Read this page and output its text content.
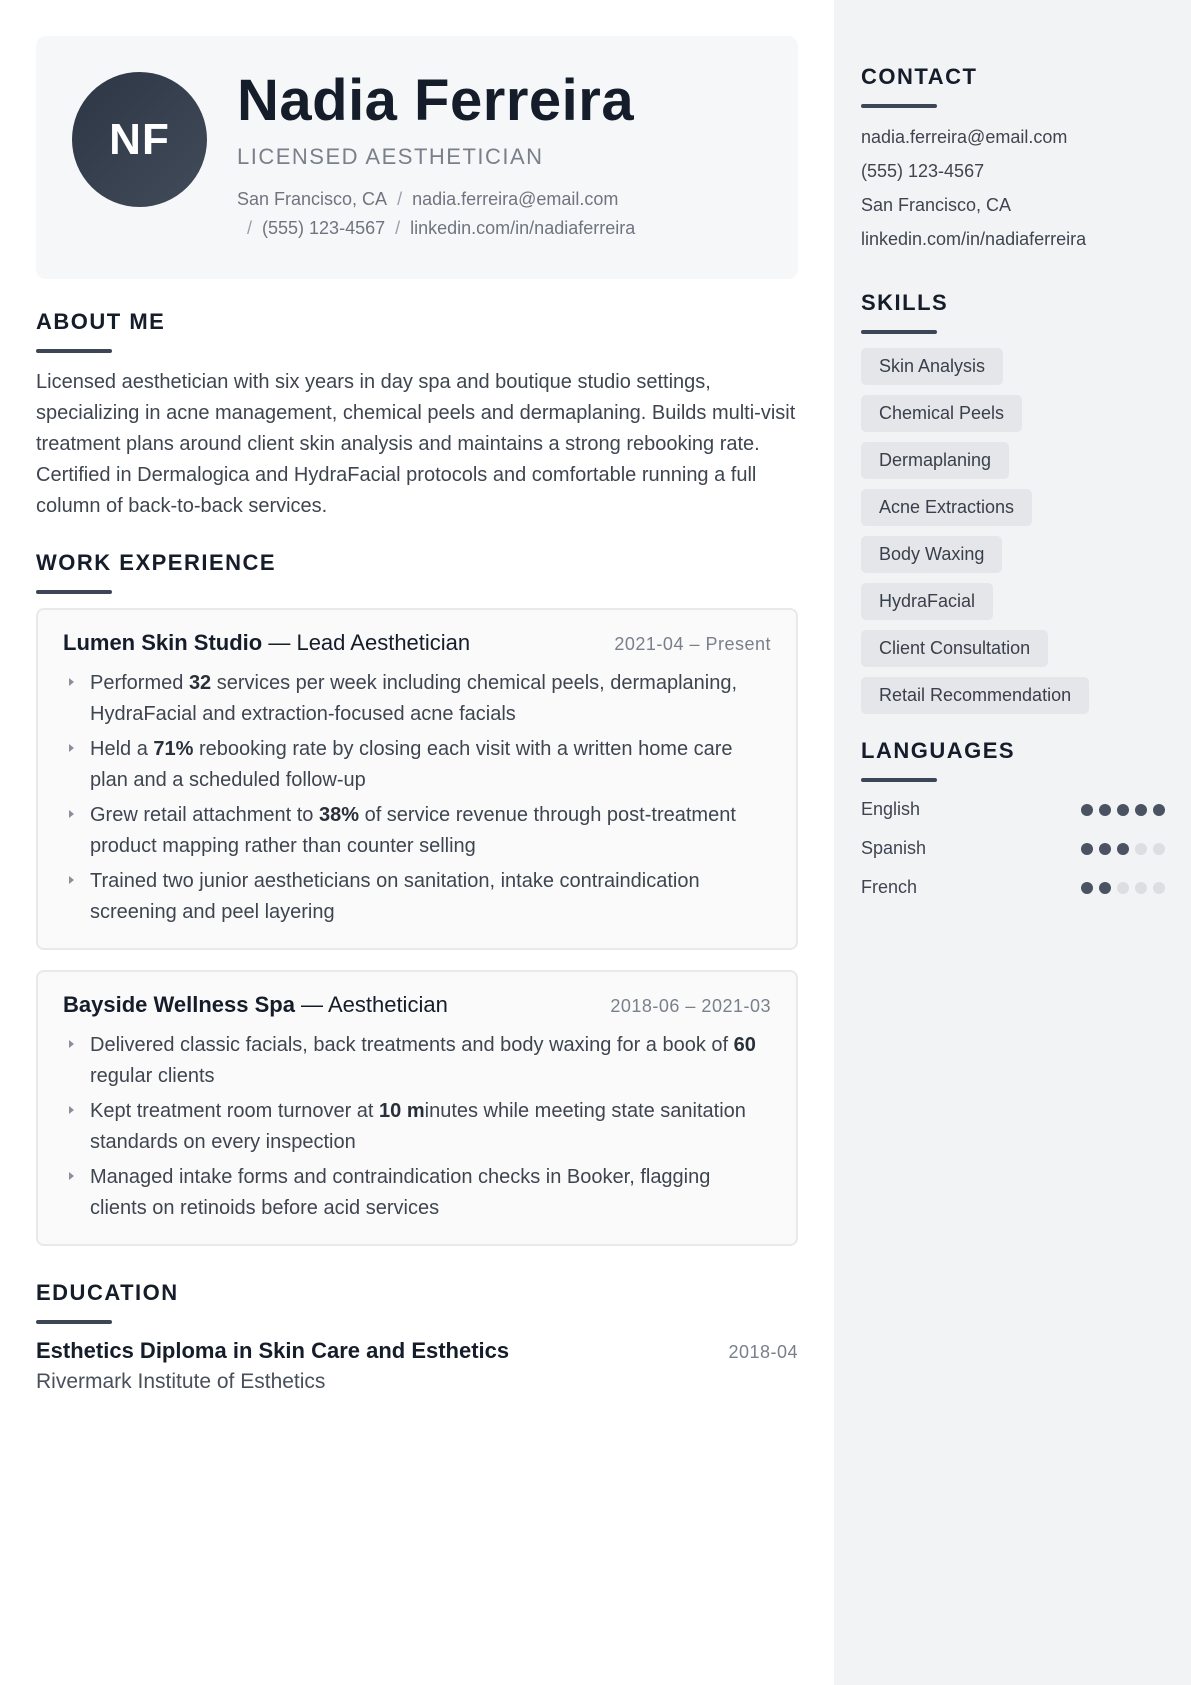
NF
Nadia Ferreira
LICENSED AESTHETICIAN
San Francisco, CA / nadia.ferreira@email.com
/ (555) 123-4567 / linkedin.com/in/nadiaferreira
ABOUT ME

Licensed aesthetician with six years in day spa and boutique studio settings, specializing in acne management, chemical peels and dermaplaning. Builds multi-visit treatment plans around client skin analysis and maintains a strong rebooking rate. Certified in Dermalogica and HydraFacial protocols and comfortable running a full column of back-to-back services.

WORK EXPERIENCE
Lumen Skin Studio — Lead Aesthetician	2021-04 – Present
Performed 32 services per week including chemical peels, dermaplaning, HydraFacial and extraction-focused acne facials
Held a 71% rebooking rate by closing each visit with a written home care plan and a scheduled follow-up
Grew retail attachment to 38% of service revenue through post-treatment product mapping rather than counter selling
Trained two junior aestheticians on sanitation, intake contraindication screening and peel layering
Bayside Wellness Spa — Aesthetician	2018-06 – 2021-03
Delivered classic facials, back treatments and body waxing for a book of 60 regular clients
Kept treatment room turnover at 10 minutes while meeting state sanitation standards on every inspection
Managed intake forms and contraindication checks in Booker, flagging clients on retinoids before acid services
EDUCATION
Esthetics Diploma in Skin Care and Esthetics	2018-04
Rivermark Institute of Esthetics
CONTACT
nadia.ferreira@email.com
(555) 123-4567
San Francisco, CA
linkedin.com/in/nadiaferreira
SKILLS
Skin Analysis
Chemical Peels
Dermaplaning
Acne Extractions
Body Waxing
HydraFacial
Client Consultation
Retail Recommendation
LANGUAGES
English
Spanish
French
